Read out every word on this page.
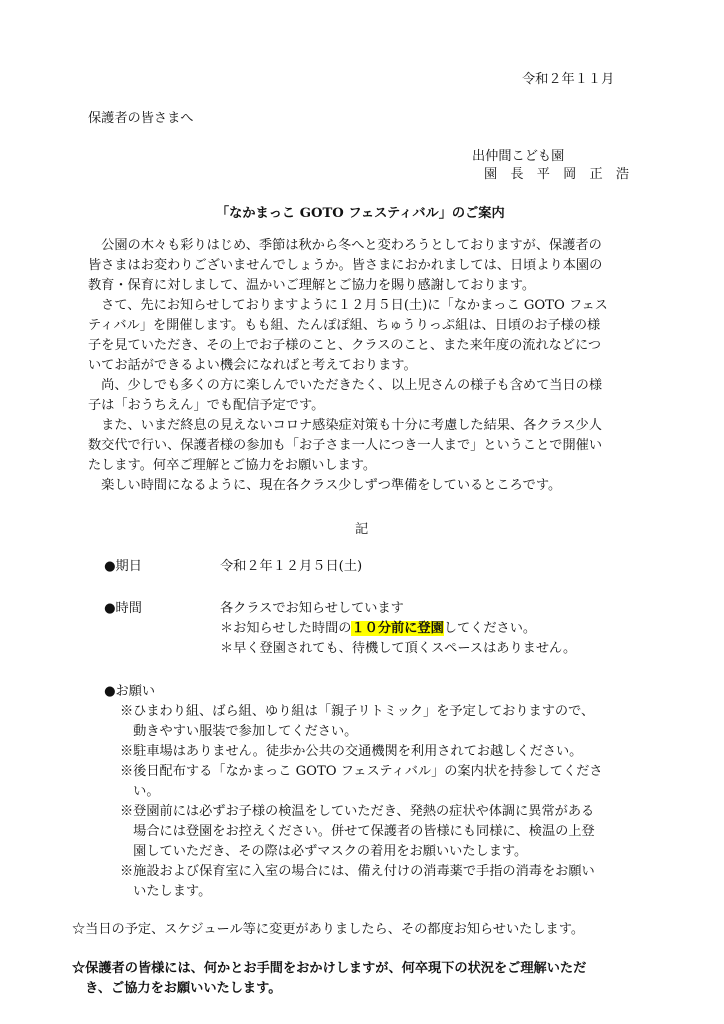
令和２年１１月
保護者の皆さまへ
出仲間こども園
園　長　平　岡　正　浩
「なかまっこ GOTO フェスティバル」のご案内
　公園の木々も彩りはじめ、季節は秋から冬へと変わろうとしておりますが、保護者の
皆さまはお変わりございませんでしょうか。皆さまにおかれましては、日頃より本園の
教育・保育に対しまして、温かいご理解とご協力を賜り感謝しております。
　さて、先にお知らせしておりますように１２月５日(土)に「なかまっこ GOTO フェス
ティバル」を開催します。もも組、たんぽぽ組、ちゅうりっぷ組は、日頃のお子様の様
子を見ていただき、その上でお子様のこと、クラスのこと、また来年度の流れなどにつ
いてお話ができるよい機会になればと考えております。
　尚、少しでも多くの方に楽しんでいただきたく、以上児さんの様子も含めて当日の様
子は「おうちえん」でも配信予定です。
　また、いまだ終息の見えないコロナ感染症対策も十分に考慮した結果、各クラス少人
数交代で行い、保護者様の参加も「お子さま一人につき一人まで」ということで開催い
たします。何卒ご理解とご協力をお願いします。
　楽しい時間になるように、現在各クラス少しずつ準備をしているところです。
記
●期日	令和２年１２月５日(土)
●時間	各クラスでお知らせしています
＊お知らせした時間の１０分前に登園してください。
＊早く登園されても、待機して頂くスペースはありません。
●お願い
※ひまわり組、ばら組、ゆり組は「親子リトミック」を予定しておりますので、
　動きやすい服装で参加してください。
※駐車場はありません。徒歩か公共の交通機関を利用されてお越しください。
※後日配布する「なかまっこ GOTO フェスティバル」の案内状を持参してくださ
　い。
※登園前には必ずお子様の検温をしていただき、発熱の症状や体調に異常がある
　場合には登園をお控えください。併せて保護者の皆様にも同様に、検温の上登
　園していただき、その際は必ずマスクの着用をお願いいたします。
※施設および保育室に入室の場合には、備え付けの消毒薬で手指の消毒をお願い
　いたします。
☆当日の予定、スケジュール等に変更がありましたら、その都度お知らせいたします。
☆保護者の皆様には、何かとお手間をおかけしますが、何卒現下の状況をご理解いただ
　き、ご協力をお願いいたします。
